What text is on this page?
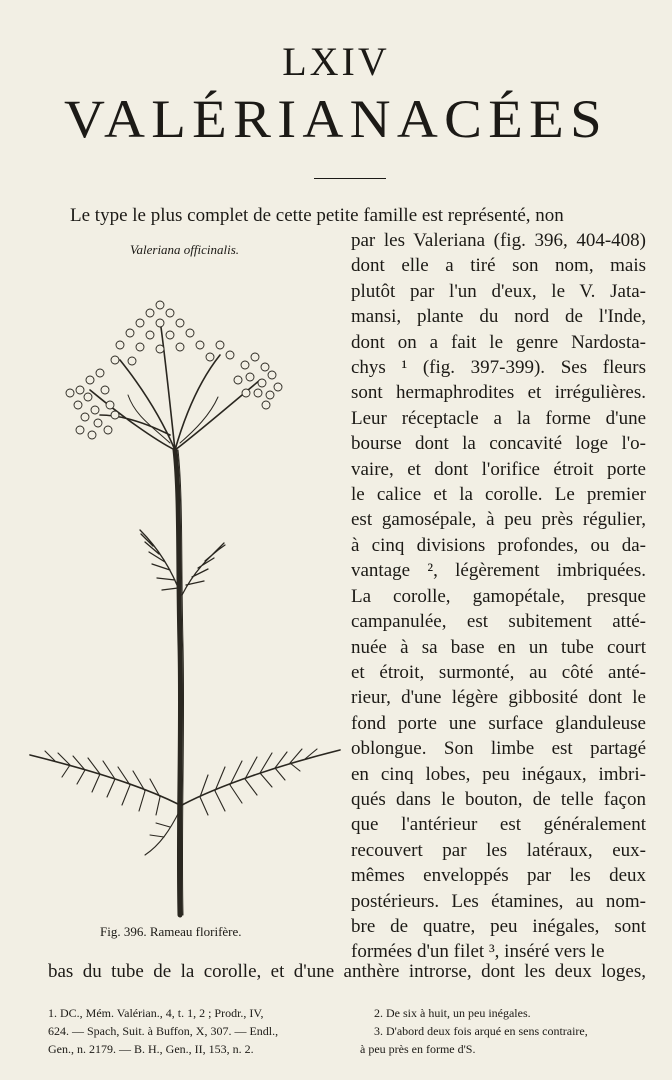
LXIV
VALÉRIANACÉES
Le type le plus complet de cette petite famille est représenté, non
Valeriana officinalis.
Fig. 396. Rameau florifère.
par les Valeriana (fig. 396, 404-408)
dont elle a tiré son nom, mais
plutôt par l'un d'eux, le V. Jata-
mansi, plante du nord de l'Inde,
dont on a fait le genre Nardosta-
chys ¹ (fig. 397-399). Ses fleurs
sont hermaphrodites et irrégulières.
Leur réceptacle a la forme d'une
bourse dont la concavité loge l'o-
vaire, et dont l'orifice étroit porte
le calice et la corolle. Le premier
est gamosépale, à peu près régulier,
à cinq divisions profondes, ou da-
vantage ², légèrement imbriquées.
La corolle, gamopétale, presque
campanulée, est subitement atté-
nuée à sa base en un tube court
et étroit, surmonté, au côté anté-
rieur, d'une légère gibbosité dont le
fond porte une surface glanduleuse
oblongue. Son limbe est partagé
en cinq lobes, peu inégaux, imbri-
qués dans le bouton, de telle façon
que l'antérieur est généralement
recouvert par les latéraux, eux-
mêmes enveloppés par les deux
postérieurs. Les étamines, au nom-
bre de quatre, peu inégales, sont
formées d'un filet ³, inséré vers le
bas du tube de la corolle, et d'une anthère introrse, dont les deux loges,
1. DC., Mém. Valérian., 4, t. 1, 2 ; Prodr., IV,
624. — Spach, Suit. à Buffon, X, 307. — Endl.,
Gen., n. 2179. — B. H., Gen., II, 153, n. 2.
2. De six à huit, un peu inégales.
3. D'abord deux fois arqué en sens contraire,
à peu près en forme d'S.
